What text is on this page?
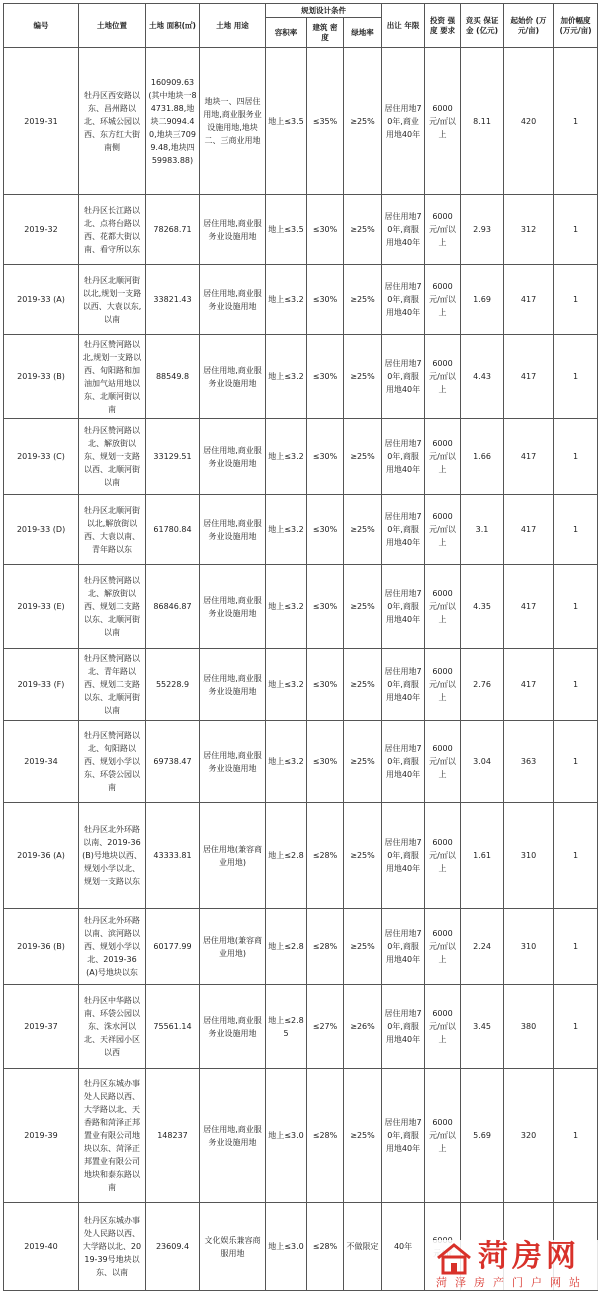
编号	土地位置	土地 面积(㎡)	土地 用途	规划设计条件			出让 年限	投资 强度 要求	竞买 保证金 (亿元)	起始价 (万元/亩)	加价幅度 (万元/亩)
				容积率	建筑 密度	绿地率					
2019-31	牡丹区西安路以东、昌州路以北、环城公园以西、东方红大街南侧	160909.63 (其中地块一84731.88,地块二9094.40,地块三7099.48,地块四59983.88)	地块一、四居住用地,商业服务业设施用地,地块二、三商业用地	地上≤3.5	≤35%	≥25%	居住用地70年,商业用地40年	6000元/㎡以上	8.11	420	1
2019-32	牡丹区长江路以北、点将台路以西、花都大街以南、看守所以东	78268.71	居住用地,商业服务业设施用地	地上≤3.5	≤30%	≥25%	居住用地70年,商服用地40年	6000元/㎡以上	2.93	312	1
2019-33 (A)	牡丹区北顺河街以北,规划一支路以西、大袁以东,以南	33821.43	居住用地,商业服务业设施用地	地上≤3.2	≤30%	≥25%	居住用地70年,商服用地40年	6000元/㎡以上	1.69	417	1
2019-33 (B)	牡丹区赞河路以北,规划一支路以西、旬阳路和加油加气站用地以东、北顺河街以南	88549.8	居住用地,商业服务业设施用地	地上≤3.2	≤30%	≥25%	居住用地70年,商服用地40年	6000元/㎡以上	4.43	417	1
2019-33 (C)	牡丹区赞河路以北、解放街以东、规划一支路以西、北顺河街以南	33129.51	居住用地,商业服务业设施用地	地上≤3.2	≤30%	≥25%	居住用地70年,商服用地40年	6000元/㎡以上	1.66	417	1
2019-33 (D)	牡丹区北顺河街以北,解放街以西、大袁以南、青年路以东	61780.84	居住用地,商业服务业设施用地	地上≤3.2	≤30%	≥25%	居住用地70年,商服用地40年	6000元/㎡以上	3.1	417	1
2019-33 (E)	牡丹区赞河路以北、解放街以西、规划二支路以东、北顺河街以南	86846.87	居住用地,商业服务业设施用地	地上≤3.2	≤30%	≥25%	居住用地70年,商服用地40年	6000元/㎡以上	4.35	417	1
2019-33 (F)	牡丹区赞河路以北、青年路以西、规划二支路以东、北顺河街以南	55228.9	居住用地,商业服务业设施用地	地上≤3.2	≤30%	≥25%	居住用地70年,商服用地40年	6000元/㎡以上	2.76	417	1
2019-34	牡丹区赞河路以北、旬阳路以西、规划小学以东、环袋公园以南	69738.47	居住用地,商业服务业设施用地	地上≤3.2	≤30%	≥25%	居住用地70年,商服用地40年	6000元/㎡以上	3.04	363	1
2019-36 (A)	牡丹区北外环路以南、2019-36 (B)号地块以西、规划小学以北、规划一支路以东	43333.81	居住用地(兼容商业用地)	地上≤2.8	≤28%	≥25%	居住用地70年,商服用地40年	6000元/㎡以上	1.61	310	1
2019-36 (B)	牡丹区北外环路以南、滨河路以西、规划小学以北、2019-36 (A)号地块以东	60177.99	居住用地(兼容商业用地)	地上≤2.8	≤28%	≥25%	居住用地70年,商服用地40年	6000元/㎡以上	2.24	310	1
2019-37	牡丹区中华路以南、环袋公园以东、洙水河以北、天祥园小区以西	75561.14	居住用地,商业服务业设施用地	地上≤2.85	≤27%	≥26%	居住用地70年,商服用地40年	6000元/㎡以上	3.45	380	1
2019-39	牡丹区东城办事处人民路以西、大学路以北、天香路和菏泽正邦置业有限公司地块以东、菏泽正邦置业有限公司地块和泰东路以南	148237	居住用地,商业服务业设施用地	地上≤3.0	≤28%	≥25%	居住用地70年,商服用地40年	6000元/㎡以上	5.69	320	1
2019-40	牡丹区东城办事处人民路以西、大学路以北、2019-39号地块以东、以南	23609.4	文化娱乐兼容商服用地	地上≤3.0	≤28%	不做限定	40年				菏房网
菏泽房产门户网站
